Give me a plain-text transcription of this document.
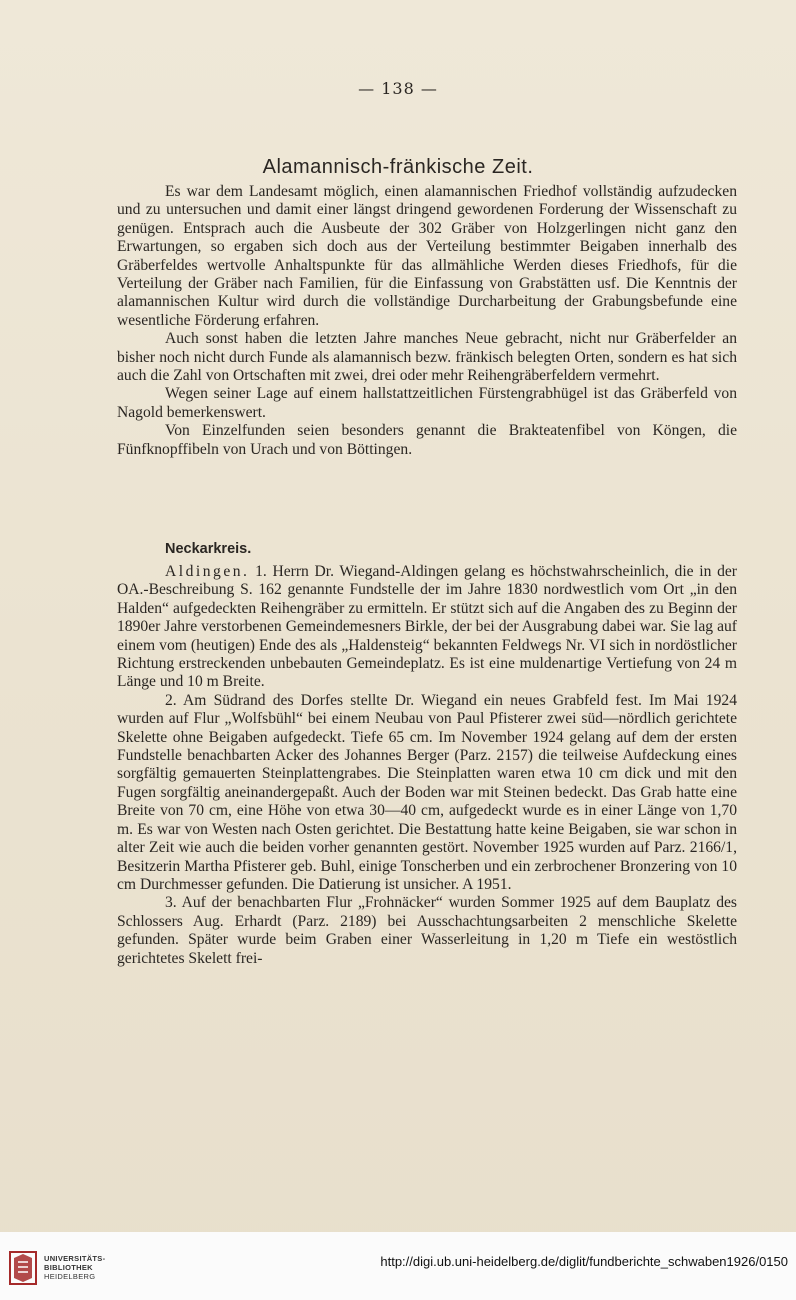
— 138 —
Alamannisch-fränkische Zeit.

Es war dem Landesamt möglich, einen alamannischen Friedhof vollständig aufzudecken und zu untersuchen und damit einer längst dringend gewordenen Forderung der Wissenschaft zu genügen. Entsprach auch die Ausbeute der 302 Gräber von Holzgerlingen nicht ganz den Erwartungen, so ergaben sich doch aus der Verteilung bestimmter Beigaben innerhalb des Gräberfeldes wertvolle Anhaltspunkte für das allmähliche Werden dieses Friedhofs, für die Verteilung der Gräber nach Familien, für die Einfassung von Grabstätten usf. Die Kenntnis der alamannischen Kultur wird durch die vollständige Durcharbeitung der Grabungsbefunde eine wesentliche Förderung erfahren.

Auch sonst haben die letzten Jahre manches Neue gebracht, nicht nur Gräberfelder an bisher noch nicht durch Funde als alamannisch bezw. fränkisch belegten Orten, sondern es hat sich auch die Zahl von Ortschaften mit zwei, drei oder mehr Reihengräberfeldern vermehrt.

Wegen seiner Lage auf einem hallstattzeitlichen Fürstengrabhügel ist das Gräberfeld von Nagold bemerkenswert.

Von Einzelfunden seien besonders genannt die Brakteatenfibel von Köngen, die Fünfknopffibeln von Urach und von Böttingen.

Neckarkreis.

Aldingen. 1. Herrn Dr. Wiegand-Aldingen gelang es höchstwahrscheinlich, die in der OA.-Beschreibung S. 162 genannte Fundstelle der im Jahre 1830 nordwestlich vom Ort „in den Halden“ aufgedeckten Reihengräber zu ermitteln. Er stützt sich auf die Angaben des zu Beginn der 1890er Jahre verstorbenen Gemeindemesners Birkle, der bei der Ausgrabung dabei war. Sie lag auf einem vom (heutigen) Ende des als „Haldensteig“ bekannten Feldwegs Nr. VI sich in nordöstlicher Richtung erstreckenden unbebauten Gemeindeplatz. Es ist eine muldenartige Vertiefung von 24 m Länge und 10 m Breite.

2. Am Südrand des Dorfes stellte Dr. Wiegand ein neues Grabfeld fest. Im Mai 1924 wurden auf Flur „Wolfsbühl“ bei einem Neubau von Paul Pfisterer zwei süd—nördlich gerichtete Skelette ohne Beigaben aufgedeckt. Tiefe 65 cm. Im November 1924 gelang auf dem der ersten Fundstelle benachbarten Acker des Johannes Berger (Parz. 2157) die teilweise Aufdeckung eines sorgfältig gemauerten Steinplattengrabes. Die Steinplatten waren etwa 10 cm dick und mit den Fugen sorgfältig aneinandergepaßt. Auch der Boden war mit Steinen bedeckt. Das Grab hatte eine Breite von 70 cm, eine Höhe von etwa 30—40 cm, aufgedeckt wurde es in einer Länge von 1,70 m. Es war von Westen nach Osten gerichtet. Die Bestattung hatte keine Beigaben, sie war schon in alter Zeit wie auch die beiden vorher genannten gestört. November 1925 wurden auf Parz. 2166/1, Besitzerin Martha Pfisterer geb. Buhl, einige Tonscherben und ein zerbrochener Bronzering von 10 cm Durchmesser gefunden. Die Datierung ist unsicher. A 1951.

3. Auf der benachbarten Flur „Frohnäcker“ wurden Sommer 1925 auf dem Bauplatz des Schlossers Aug. Erhardt (Parz. 2189) bei Ausschachtungsarbeiten 2 menschliche Skelette gefunden. Später wurde beim Graben einer Wasserleitung in 1,20 m Tiefe ein westöstlich gerichtetes Skelett frei-

UNIVERSITÄTS-
BIBLIOTHEK
HEIDELBERG
http://digi.ub.uni-heidelberg.de/diglit/fundberichte_schwaben1926/0150
